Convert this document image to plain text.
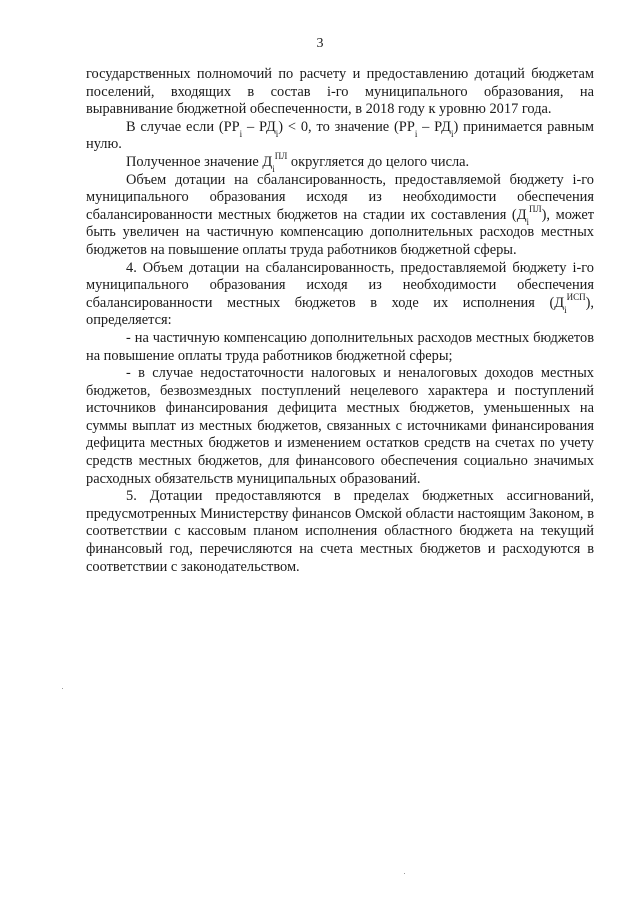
3

государственных полномочий по расчету и предоставлению дотаций бюджетам поселений, входящих в состав i-го муниципального образования, на выравнивание бюджетной обеспеченности, в 2018 году к уровню 2017 года.

В случае если $(РР_i - РД_i) < 0$, то значение $(РР_i - РД_i)$ принимается равным нулю.

Полученное значение $Д_i^{ПЛ}$ округляется до целого числа.

Объем дотации на сбалансированность, предоставляемой бюджету i-го муниципального образования исходя из необходимости обеспечения сбалансированности местных бюджетов на стадии их составления $(Д_i^{ПЛ})$, может быть увеличен на частичную компенсацию дополнительных расходов местных бюджетов на повышение оплаты труда работников бюджетной сферы.

4. Объем дотации на сбалансированность, предоставляемой бюджету i-го муниципального образования исходя из необходимости обеспечения сбалансированности местных бюджетов в ходе их исполнения $(Д_i^{ИСП})$, определяется:

- на частичную компенсацию дополнительных расходов местных бюджетов на повышение оплаты труда работников бюджетной сферы;

- в случае недостаточности налоговых и неналоговых доходов местных бюджетов, безвозмездных поступлений нецелевого характера и поступлений источников финансирования дефицита местных бюджетов, уменьшенных на суммы выплат из местных бюджетов, связанных с источниками финансирования дефицита местных бюджетов и изменением остатков средств на счетах по учету средств местных бюджетов, для финансового обеспечения социально значимых расходных обязательств муниципальных образований.

5. Дотации предоставляются в пределах бюджетных ассигнований, предусмотренных Министерству финансов Омской области настоящим Законом, в соответствии с кассовым планом исполнения областного бюджета на текущий финансовый год, перечисляются на счета местных бюджетов и расходуются в соответствии с законодательством.
